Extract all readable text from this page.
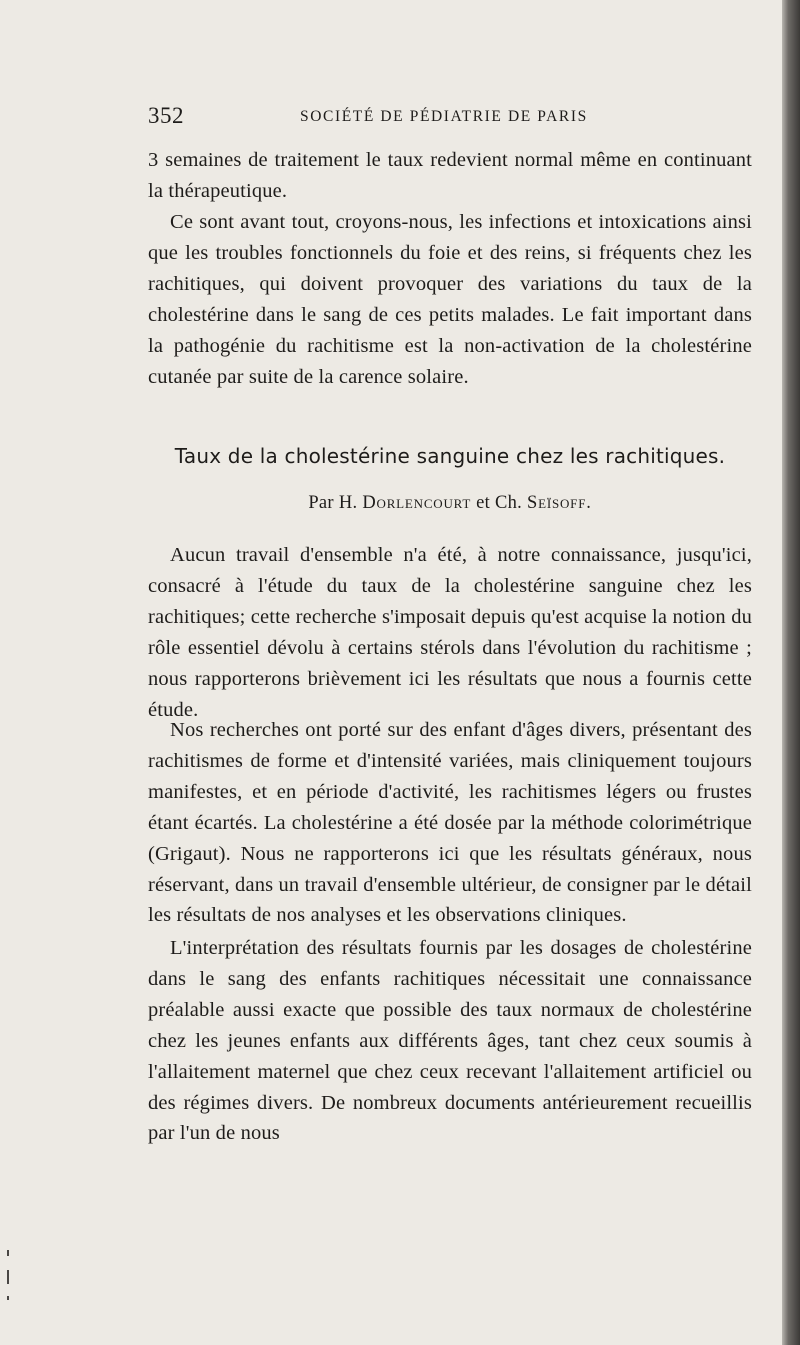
352	SOCIÉTÉ DE PÉDIATRIE DE PARIS

3 semaines de traitement le taux redevient normal même en continuant la thérapeutique.

Ce sont avant tout, croyons-nous, les infections et intoxications ainsi que les troubles fonctionnels du foie et des reins, si fréquents chez les rachitiques, qui doivent provoquer des variations du taux de la cholestérine dans le sang de ces petits malades. Le fait important dans la pathogénie du rachitisme est la non-activation de la cholestérine cutanée par suite de la carence solaire.

Taux de la cholestérine sanguine chez les rachitiques.
Par H. Dorlencourt et Ch. Seïsoff.

Aucun travail d'ensemble n'a été, à notre connaissance, jusqu'ici, consacré à l'étude du taux de la cholestérine sanguine chez les rachitiques; cette recherche s'imposait depuis qu'est acquise la notion du rôle essentiel dévolu à certains stérols dans l'évolution du rachitisme ; nous rapporterons brièvement ici les résultats que nous a fournis cette étude.

Nos recherches ont porté sur des enfant d'âges divers, présentant des rachitismes de forme et d'intensité variées, mais cliniquement toujours manifestes, et en période d'activité, les rachitismes légers ou frustes étant écartés. La cholestérine a été dosée par la méthode colorimétrique (Grigaut). Nous ne rapporterons ici que les résultats généraux, nous réservant, dans un travail d'ensemble ultérieur, de consigner par le détail les résultats de nos analyses et les observations cliniques.

L'interprétation des résultats fournis par les dosages de cholestérine dans le sang des enfants rachitiques nécessitait une connaissance préalable aussi exacte que possible des taux normaux de cholestérine chez les jeunes enfants aux différents âges, tant chez ceux soumis à l'allaitement maternel que chez ceux recevant l'allaitement artificiel ou des régimes divers. De nombreux documents antérieurement recueillis par l'un de nous
